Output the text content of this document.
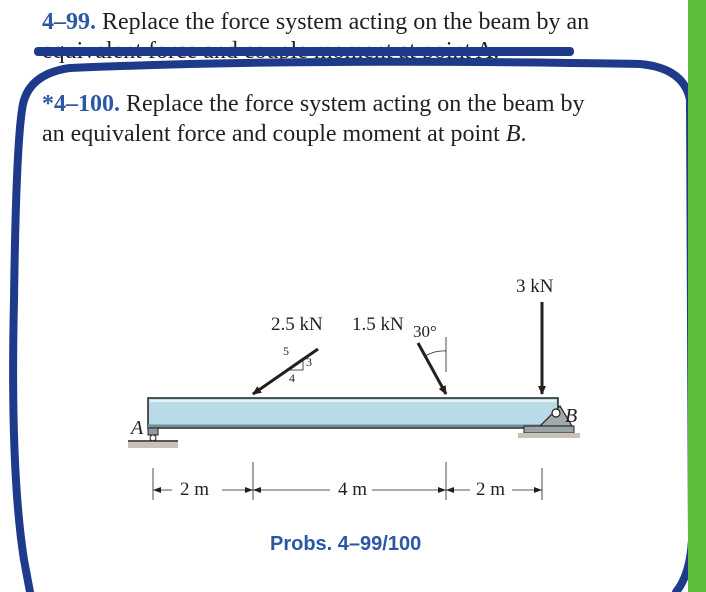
4–99. Replace the force system acting on the beam by an
*4–100. Replace the force system acting on the beam by
an equivalent force and couple moment at point B.
2.5 kN 1.5 kN 30°
3 kN
5
3
4
A
B
2 m	4 m	2 m
Probs. 4–99/100
